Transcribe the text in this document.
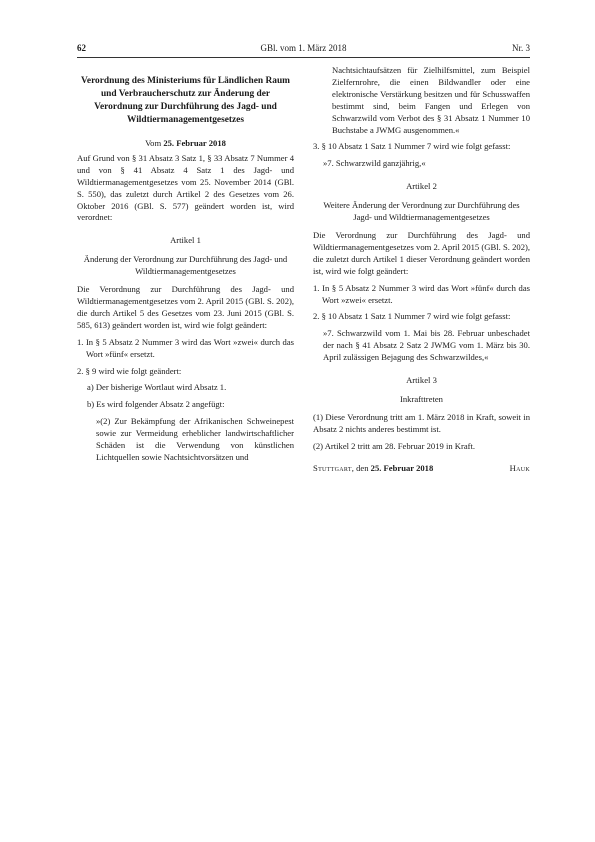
62	GBl. vom 1. März 2018	Nr. 3
Verordnung des Ministeriums für Ländlichen Raum und Verbraucherschutz zur Änderung der Verordnung zur Durchführung des Jagd- und Wildtiermanagementgesetzes
Vom 25. Februar 2018

Auf Grund von § 31 Absatz 3 Satz 1, § 33 Absatz 7 Nummer 4 und von § 41 Absatz 4 Satz 1 des Jagd- und Wildtiermanagementgesetzes vom 25. November 2014 (GBl. S. 550), das zuletzt durch Artikel 2 des Gesetzes vom 26. Oktober 2016 (GBl. S. 577) geändert worden ist, wird verordnet:

Artikel 1
Änderung der Verordnung zur Durchführung des Jagd- und Wildtiermanagementgesetzes

Die Verordnung zur Durchführung des Jagd- und Wildtiermanagementgesetzes vom 2. April 2015 (GBl. S. 202), die durch Artikel 5 des Gesetzes vom 23. Juni 2015 (GBl. S. 585, 613) geändert worden ist, wird wie folgt geändert:

1. In § 5 Absatz 2 Nummer 3 wird das Wort »zwei« durch das Wort »fünf« ersetzt.

2. § 9 wird wie folgt geändert:

a) Der bisherige Wortlaut wird Absatz 1.

b) Es wird folgender Absatz 2 angefügt:

»(2) Zur Bekämpfung der Afrikanischen Schweinepest sowie zur Vermeidung erheblicher landwirtschaftlicher Schäden ist die Verwendung von künstlichen Lichtquellen sowie Nachtsichtvorsätzen und

Nachtsichtaufsätzen für Zielhilfsmittel, zum Beispiel Zielfernrohre, die einen Bildwandler oder eine elektronische Verstärkung besitzen und für Schusswaffen bestimmt sind, beim Fangen und Erlegen von Schwarzwild vom Verbot des § 31 Absatz 1 Nummer 10 Buchstabe a JWMG ausgenommen.«

3. § 10 Absatz 1 Satz 1 Nummer 7 wird wie folgt gefasst:

»7. Schwarzwild ganzjährig,«

Artikel 2
Weitere Änderung der Verordnung zur Durchführung des Jagd- und Wildtiermanagementgesetzes

Die Verordnung zur Durchführung des Jagd- und Wildtiermanagementgesetzes vom 2. April 2015 (GBl. S. 202), die zuletzt durch Artikel 1 dieser Verordnung geändert worden ist, wird wie folgt geändert:

1. In § 5 Absatz 2 Nummer 3 wird das Wort »fünf« durch das Wort »zwei« ersetzt.

2. § 10 Absatz 1 Satz 1 Nummer 7 wird wie folgt gefasst:

»7. Schwarzwild vom 1. Mai bis 28. Februar unbeschadet der nach § 41 Absatz 2 Satz 2 JWMG vom 1. März bis 30. April zulässigen Bejagung des Schwarzwildes,«

Artikel 3
Inkrafttreten

(1) Diese Verordnung tritt am 1. März 2018 in Kraft, soweit in Absatz 2 nichts anderes bestimmt ist.

(2) Artikel 2 tritt am 28. Februar 2019 in Kraft.

Stuttgart, den 25. Februar 2018	Hauk
